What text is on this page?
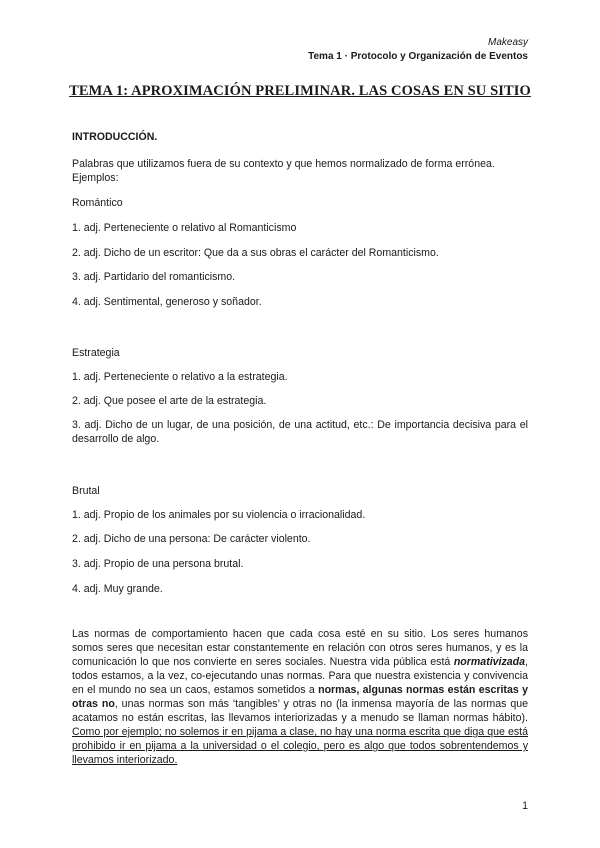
Makeasy
Tema 1 · Protocolo y Organización de Eventos
TEMA 1: APROXIMACIÓN PRELIMINAR. LAS COSAS EN SU SITIO
INTRODUCCIÓN.
Palabras que utilizamos fuera de su contexto y que hemos normalizado de forma errónea.
Ejemplos:
Romántico
1. adj. Perteneciente o relativo al Romanticismo
2. adj. Dicho de un escritor: Que da a sus obras el carácter del Romanticismo.
3. adj. Partidario del romanticismo.
4. adj. Sentimental, generoso y soñador.
Estrategia
1. adj. Perteneciente o relativo a la estrategia.
2. adj. Que posee el arte de la estrategia.
3. adj. Dicho de un lugar, de una posición, de una actitud, etc.: De importancia decisiva para el desarrollo de algo.
Brutal
1. adj. Propio de los animales por su violencia o irracionalidad.
2. adj. Dicho de una persona: De carácter violento.
3. adj. Propio de una persona brutal.
4. adj. Muy grande.
Las normas de comportamiento hacen que cada cosa esté en su sitio. Los seres humanos somos seres que necesitan estar constantemente en relación con otros seres humanos, y es la comunicación lo que nos convierte en seres sociales. Nuestra vida pública está normativizada, todos estamos, a la vez, co-ejecutando unas normas. Para que nuestra existencia y convivencia en el mundo no sea un caos, estamos sometidos a normas, algunas normas están escritas y otras no, unas normas son más ‘tangibles’ y otras no (la inmensa mayoría de las normas que acatamos no están escritas, las llevamos interiorizadas y a menudo se llaman normas hábito). Como por ejemplo; no solemos ir en pijama a clase, no hay una norma escrita que diga que está prohibido ir en pijama a la universidad o el colegio, pero es algo que todos sobrentendemos y llevamos interiorizado.
1
